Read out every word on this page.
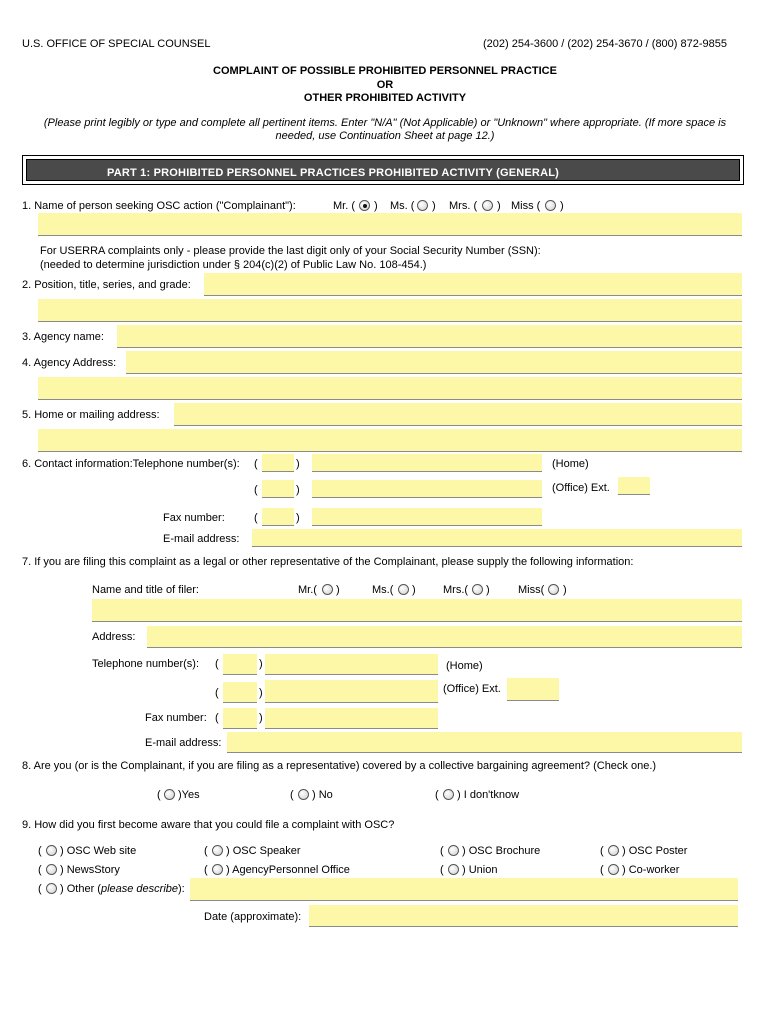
U.S. OFFICE OF SPECIAL COUNSEL	(202) 254-3600 / (202) 254-3670 / (800) 872-9855
COMPLAINT OF POSSIBLE PROHIBITED PERSONNEL PRACTICE
OR
OTHER PROHIBITED ACTIVITY
(Please print legibly or type and complete all pertinent items. Enter "N/A" (Not Applicable) or "Unknown" where appropriate. (If more space is
needed, use Continuation Sheet at page 12.)
PART 1: PROHIBITED PERSONNEL PRACTICES PROHIBITED ACTIVITY (GENERAL)
1. Name of person seeking OSC action ("Complainant"):	Mr. ( ) Ms. ( ) Mrs. ( ) Miss ( )
For USERRA complaints only - please provide the last digit only of your Social Security Number (SSN):
(needed to determine jurisdiction under § 204(c)(2) of Public Law No. 108-454.)
2. Position, title, series, and grade:
3. Agency name:
4. Agency Address:
5. Home or mailing address:
6. Contact information:Telephone number(s): (	)	(Home)
(	)	(Office) Ext.
Fax number:	(	)
E-mail address:
7. If you are filing this complaint as a legal or other representative of the Complainant, please supply the following information:
Name and title of filer:	Mr.( )	Ms.( ) Mrs.( )	Miss( )
Address:
Telephone number(s): (	)	(Home)
(	)	(Office) Ext.
Fax number: (	)
E-mail address:
8. Are you (or is the Complainant, if you are filing as a representative) covered by a collective bargaining agreement? (Check one.)
( )Yes	( ) No	( ) I don'tknow
9. How did you first become aware that you could file a complaint with OSC?
( ) OSC Web site	( ) OSC Speaker	( ) OSC Brochure	( ) OSC Poster
( ) NewsStory	( ) AgencyPersonnel Office	( ) Union	( ) Co-worker
( ) Other (please describe):
Date (approximate):
